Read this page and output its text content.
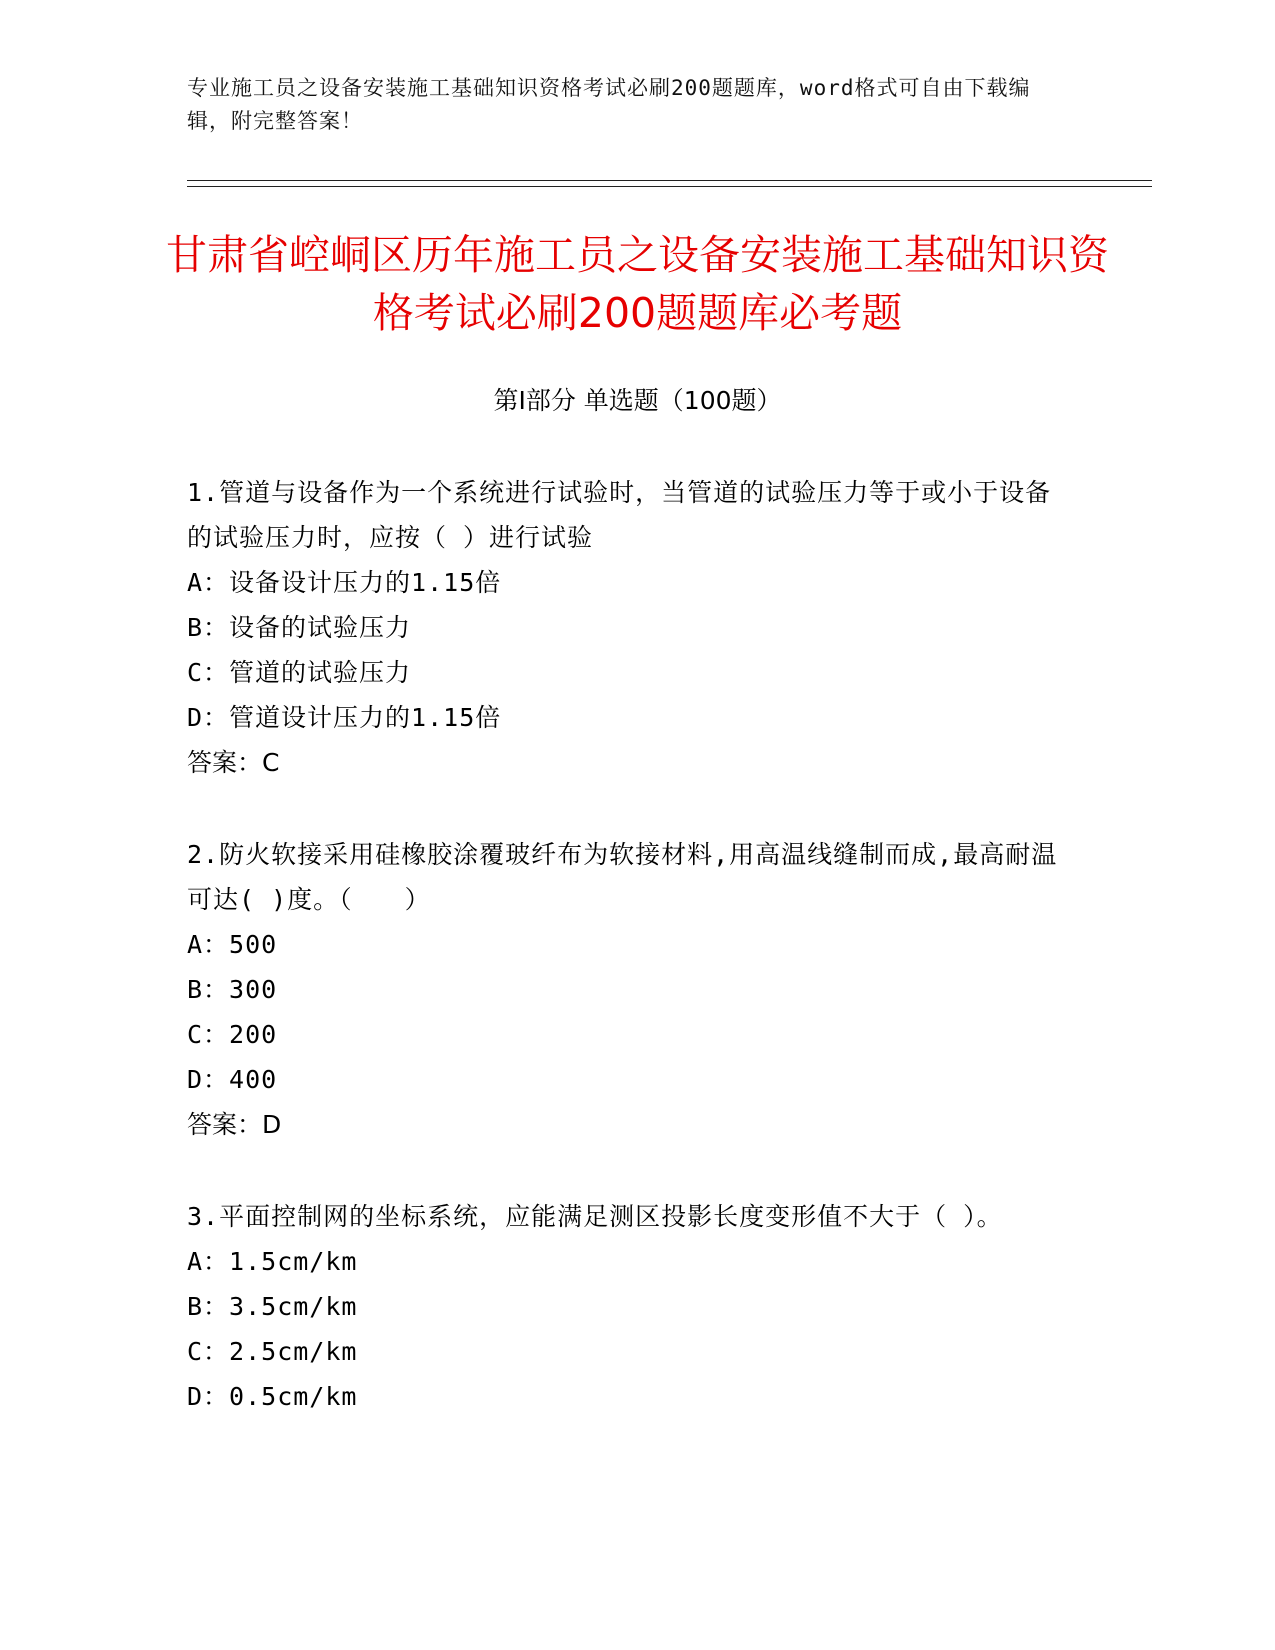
专业施工员之设备安装施工基础知识资格考试必刷200题题库，word格式可自由下载编辑，附完整答案！
甘肃省崆峒区历年施工员之设备安装施工基础知识资格考试必刷200题题库必考题
第I部分 单选题（100题）

1.管道与设备作为一个系统进行试验时，当管道的试验压力等于或小于设备的试验压力时，应按（ ）进行试验

A：设备设计压力的1.15倍

B：设备的试验压力

C：管道的试验压力

D：管道设计压力的1.15倍

答案：C

2.防火软接采用硅橡胶涂覆玻纤布为软接材料,用高温线缝制而成,最高耐温可达( )度。（　　）

A：500

B：300

C：200

D：400

答案：D

3.平面控制网的坐标系统，应能满足测区投影长度变形值不大于（ ）。

A：1.5cm/km

B：3.5cm/km

C：2.5cm/km

D：0.5cm/km
